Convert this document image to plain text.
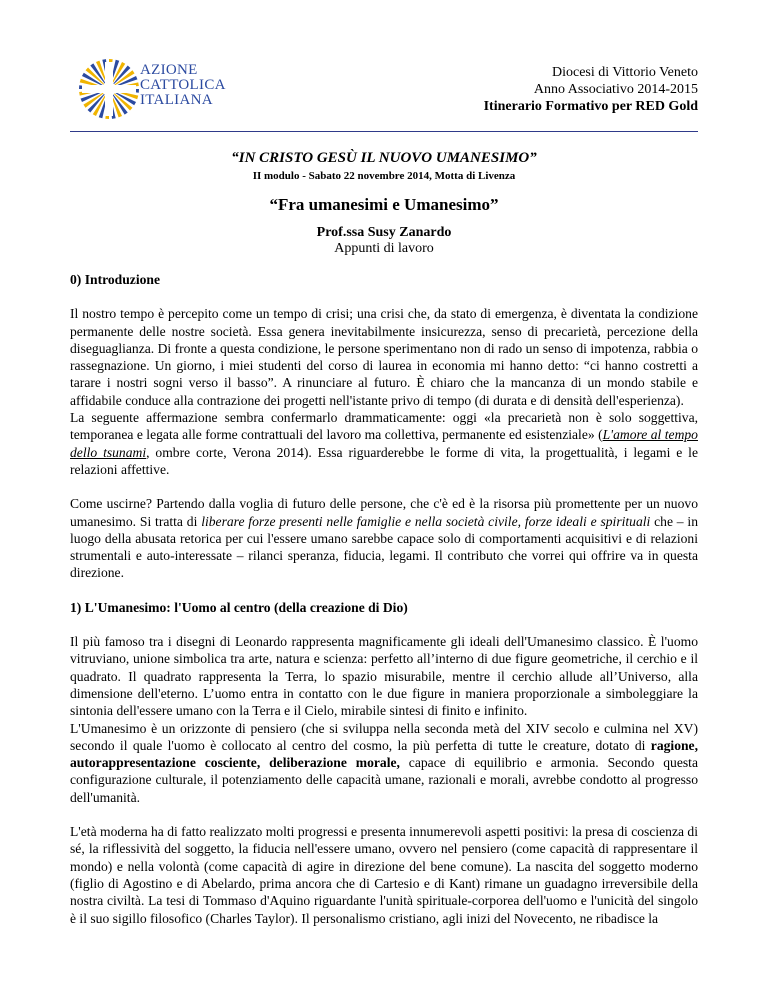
AZIONE
CATTOLICA
ITALIANA
Diocesi di Vittorio Veneto
Anno Associativo 2014-2015
Itinerario Formativo per RED Gold
“IN CRISTO GESÙ IL NUOVO UMANESIMO”
II modulo - Sabato 22 novembre 2014, Motta di Livenza
“Fra umanesimi e Umanesimo”
Prof.ssa Susy Zanardo
Appunti di lavoro
0) Introduzione

Il nostro tempo è percepito come un tempo di crisi; una crisi che, da stato di emergenza, è diventata la condizione permanente delle nostre società. Essa genera inevitabilmente insicurezza, senso di precarietà, percezione della diseguaglianza. Di fronte a questa condizione, le persone sperimentano non di rado un senso di impotenza, rabbia o rassegnazione. Un giorno, i miei studenti del corso di laurea in economia mi hanno detto: “ci hanno costretti a tarare i nostri sogni verso il basso”. A rinunciare al futuro. È chiaro che la mancanza di un mondo stabile e affidabile conduce alla contrazione dei progetti nell'istante privo di tempo (di durata e di densità dell'esperienza).
La seguente affermazione sembra confermarlo drammaticamente: oggi «la precarietà non è solo soggettiva, temporanea e legata alle forme contrattuali del lavoro ma collettiva, permanente ed esistenziale» (L'amore al tempo dello tsunami, ombre corte, Verona 2014). Essa riguarderebbe le forme di vita, la progettualità, i legami e le relazioni affettive.

Come uscirne? Partendo dalla voglia di futuro delle persone, che c'è ed è la risorsa più promettente per un nuovo umanesimo. Si tratta di liberare forze presenti nelle famiglie e nella società civile, forze ideali e spirituali che – in luogo della abusata retorica per cui l'essere umano sarebbe capace solo di comportamenti acquisitivi e di relazioni strumentali e auto-interessate – rilanci speranza, fiducia, legami. Il contributo che vorrei qui offrire va in questa direzione.

1) L'Umanesimo: l'Uomo al centro (della creazione di Dio)

Il più famoso tra i disegni di Leonardo rappresenta magnificamente gli ideali dell'Umanesimo classico. È l'uomo vitruviano, unione simbolica tra arte, natura e scienza: perfetto all’interno di due figure geometriche, il cerchio e il quadrato. Il quadrato rappresenta la Terra, lo spazio misurabile, mentre il cerchio allude all’Universo, alla dimensione dell'eterno. L’uomo entra in contatto con le due figure in maniera proporzionale a simboleggiare la sintonia dell'essere umano con la Terra e il Cielo, mirabile sintesi di finito e infinito.
L'Umanesimo è un orizzonte di pensiero (che si sviluppa nella seconda metà del XIV secolo e culmina nel XV) secondo il quale l'uomo è collocato al centro del cosmo, la più perfetta di tutte le creature, dotato di ragione, autorappresentazione cosciente, deliberazione morale, capace di equilibrio e armonia. Secondo questa configurazione culturale, il potenziamento delle capacità umane, razionali e morali, avrebbe condotto al progresso dell'umanità.

L'età moderna ha di fatto realizzato molti progressi e presenta innumerevoli aspetti positivi: la presa di coscienza di sé, la riflessività del soggetto, la fiducia nell'essere umano, ovvero nel pensiero (come capacità di rappresentare il mondo) e nella volontà (come capacità di agire in direzione del bene comune). La nascita del soggetto moderno (figlio di Agostino e di Abelardo, prima ancora che di Cartesio e di Kant) rimane un guadagno irreversibile della nostra civiltà. La tesi di Tommaso d'Aquino riguardante l'unità spirituale-corporea dell'uomo e l'unicità del singolo è il suo sigillo filosofico (Charles Taylor). Il personalismo cristiano, agli inizi del Novecento, ne ribadisce la
